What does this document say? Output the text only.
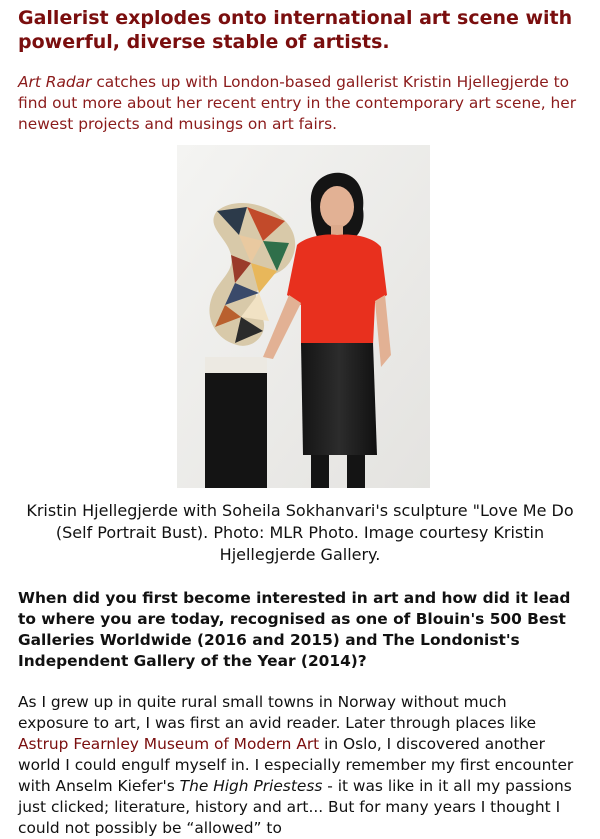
Gallerist explodes onto international art scene with powerful, diverse stable of artists.

Art Radar catches up with London-based gallerist Kristin Hjellegjerde to find out more about her recent entry in the contemporary art scene, her newest projects and musings on art fairs.

Kristin Hjellegjerde with Soheila Sokhanvari's sculpture "Love Me Do (Self Portrait Bust). Photo: MLR Photo. Image courtesy Kristin Hjellegjerde Gallery.

When did you first become interested in art and how did it lead to where you are today, recognised as one of Blouin's 500 Best Galleries Worldwide (2016 and 2015) and The Londonist's Independent Gallery of the Year (2014)?

As I grew up in quite rural small towns in Norway without much exposure to art, I was first an avid reader. Later through places like Astrup Fearnley Museum of Modern Art in Oslo, I discovered another world I could engulf myself in. I especially remember my first encounter with Anselm Kiefer's The High Priestess - it was like in it all my passions just clicked; literature, history and art... But for many years I thought I could not possibly be “allowed” to
